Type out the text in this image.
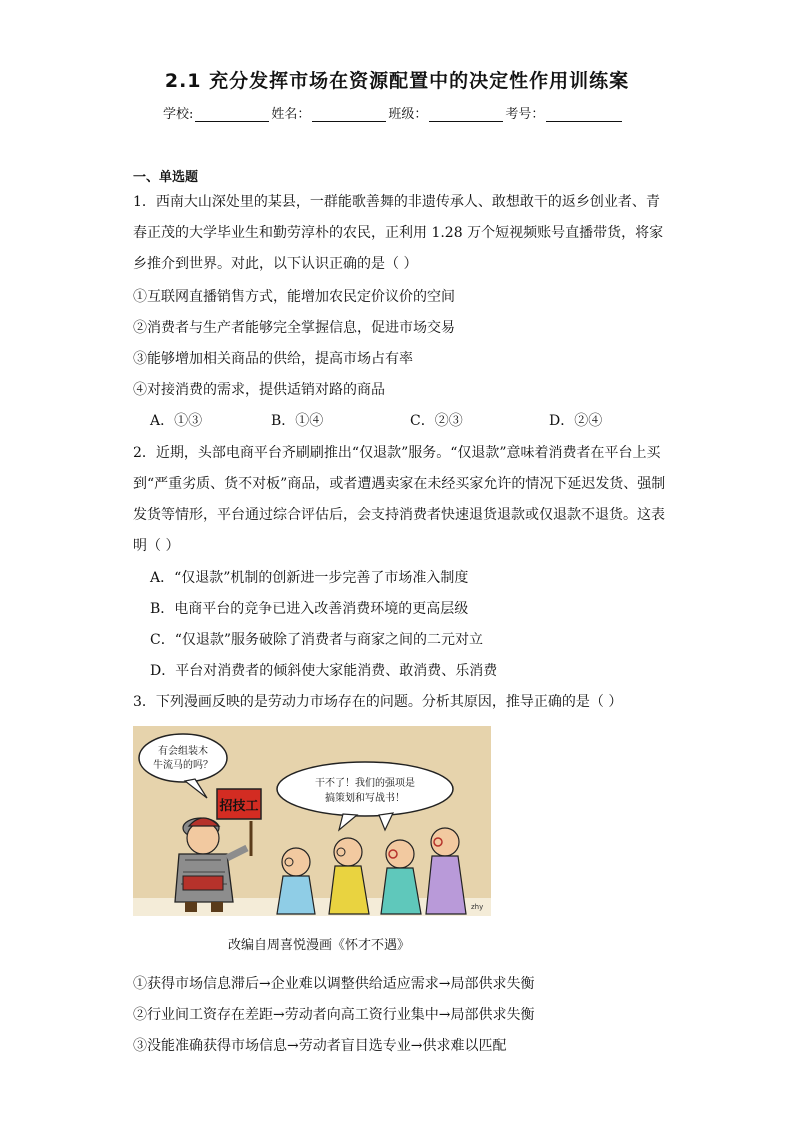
2.1 充分发挥市场在资源配置中的决定性作用训练案
学校:	姓名：	班级：	考号：
一、单选题
1．西南大山深处里的某县，一群能歌善舞的非遗传承人、敢想敢干的返乡创业者、青
春正茂的大学毕业生和勤劳淳朴的农民，正利用 1.28 万个短视频账号直播带货，将家
乡推介到世界。对此，以下认识正确的是（ ）
①互联网直播销售方式，能增加农民定价议价的空间
②消费者与生产者能够完全掌握信息，促进市场交易
③能够增加相关商品的供给，提高市场占有率
④对接消费的需求，提供适销对路的商品
A．①③	B．①④	C．②③	D．②④
2．近期，头部电商平台齐刷刷推出“仅退款”服务。“仅退款”意味着消费者在平台上买
到“严重劣质、货不对板”商品，或者遭遇卖家在未经买家允许的情况下延迟发货、强制
发货等情形，平台通过综合评估后，会支持消费者快速退货退款或仅退款不退货。这表
明（ ）
A．“仅退款”机制的创新进一步完善了市场准入制度
B．电商平台的竞争已进入改善消费环境的更高层级
C．“仅退款”服务破除了消费者与商家之间的二元对立
D．平台对消费者的倾斜使大家能消费、敢消费、乐消费
3．下列漫画反映的是劳动力市场存在的问题。分析其原因，推导正确的是（ ）
有会组装木
牛流马的吗？
干不了！我们的强项是
搞策划和写战书！
招技工
zhy
改编自周喜悦漫画《怀才不遇》
①获得市场信息滞后→企业难以调整供给适应需求→局部供求失衡
②行业间工资存在差距→劳动者向高工资行业集中→局部供求失衡
③没能准确获得市场信息→劳动者盲目选专业→供求难以匹配
